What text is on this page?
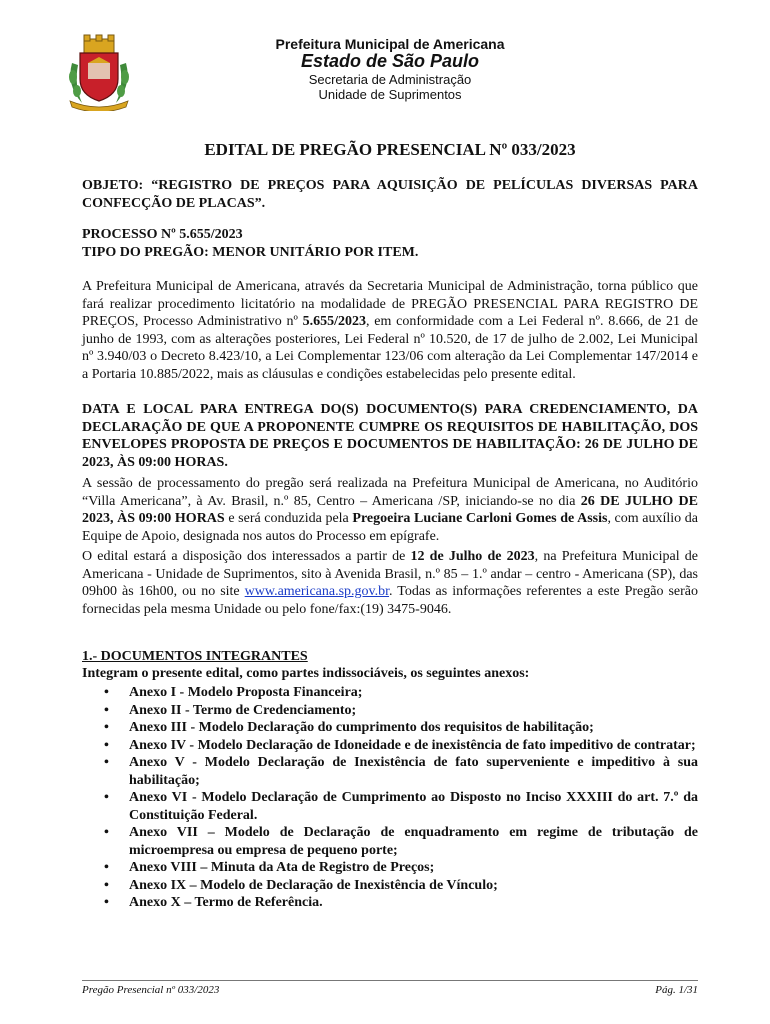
Prefeitura Municipal de Americana
Estado de São Paulo
Secretaria de Administração
Unidade de Suprimentos
EDITAL DE PREGÃO PRESENCIAL Nº 033/2023
OBJETO: “REGISTRO DE PREÇOS PARA AQUISIÇÃO DE PELÍCULAS DIVERSAS PARA CONFECÇÃO DE PLACAS”.
PROCESSO Nº 5.655/2023
TIPO DO PREGÃO: MENOR UNITÁRIO POR ITEM.
A Prefeitura Municipal de Americana, através da Secretaria Municipal de Administração, torna público que fará realizar procedimento licitatório na modalidade de PREGÃO PRESENCIAL PARA REGISTRO DE PREÇOS, Processo Administrativo nº 5.655/2023, em conformidade com a Lei Federal nº. 8.666, de 21 de junho de 1993, com as alterações posteriores, Lei Federal nº 10.520, de 17 de julho de 2.002, Lei Municipal nº 3.940/03 o Decreto 8.423/10, a Lei Complementar 123/06 com alteração da Lei Complementar 147/2014 e a Portaria 10.885/2022, mais as cláusulas e condições estabelecidas pelo presente edital.
DATA E LOCAL PARA ENTREGA DO(S) DOCUMENTO(S) PARA CREDENCIAMENTO, DA DECLARAÇÃO DE QUE A PROPONENTE CUMPRE OS REQUISITOS DE HABILITAÇÃO, DOS ENVELOPES PROPOSTA DE PREÇOS E DOCUMENTOS DE HABILITAÇÃO: 26 DE JULHO DE 2023, ÀS 09:00 HORAS.
A sessão de processamento do pregão será realizada na Prefeitura Municipal de Americana, no Auditório “Villa Americana”, à Av. Brasil, n.º 85, Centro – Americana /SP, iniciando-se no dia 26 DE JULHO DE 2023, ÀS 09:00 HORAS e será conduzida pela Pregoeira Luciane Carloni Gomes de Assis, com auxílio da Equipe de Apoio, designada nos autos do Processo em epígrafe.
O edital estará a disposição dos interessados a partir de 12 de Julho de 2023, na Prefeitura Municipal de Americana - Unidade de Suprimentos, sito à Avenida Brasil, n.º 85 – 1.º andar – centro - Americana (SP), das 09h00 às 16h00, ou no site www.americana.sp.gov.br. Todas as informações referentes a este Pregão serão fornecidas pela mesma Unidade ou pelo fone/fax:(19) 3475-9046.
1.- DOCUMENTOS INTEGRANTES
Integram o presente edital, como partes indissociáveis, os seguintes anexos:
• Anexo I - Modelo Proposta Financeira;
• Anexo II - Termo de Credenciamento;
• Anexo III - Modelo Declaração do cumprimento dos requisitos de habilitação;
• Anexo IV - Modelo Declaração de Idoneidade e de inexistência de fato impeditivo de contratar;
• Anexo V - Modelo Declaração de Inexistência de fato superveniente e impeditivo à sua habilitação;
• Anexo VI - Modelo Declaração de Cumprimento ao Disposto no Inciso XXXIII do art. 7.º da Constituição Federal.
• Anexo VII – Modelo de Declaração de enquadramento em regime de tributação de microempresa ou empresa de pequeno porte;
• Anexo VIII – Minuta da Ata de Registro de Preços;
• Anexo IX – Modelo de Declaração de Inexistência de Vínculo;
• Anexo X – Termo de Referência.
Pregão Presencial nº 033/2023	Pág. 1/31
